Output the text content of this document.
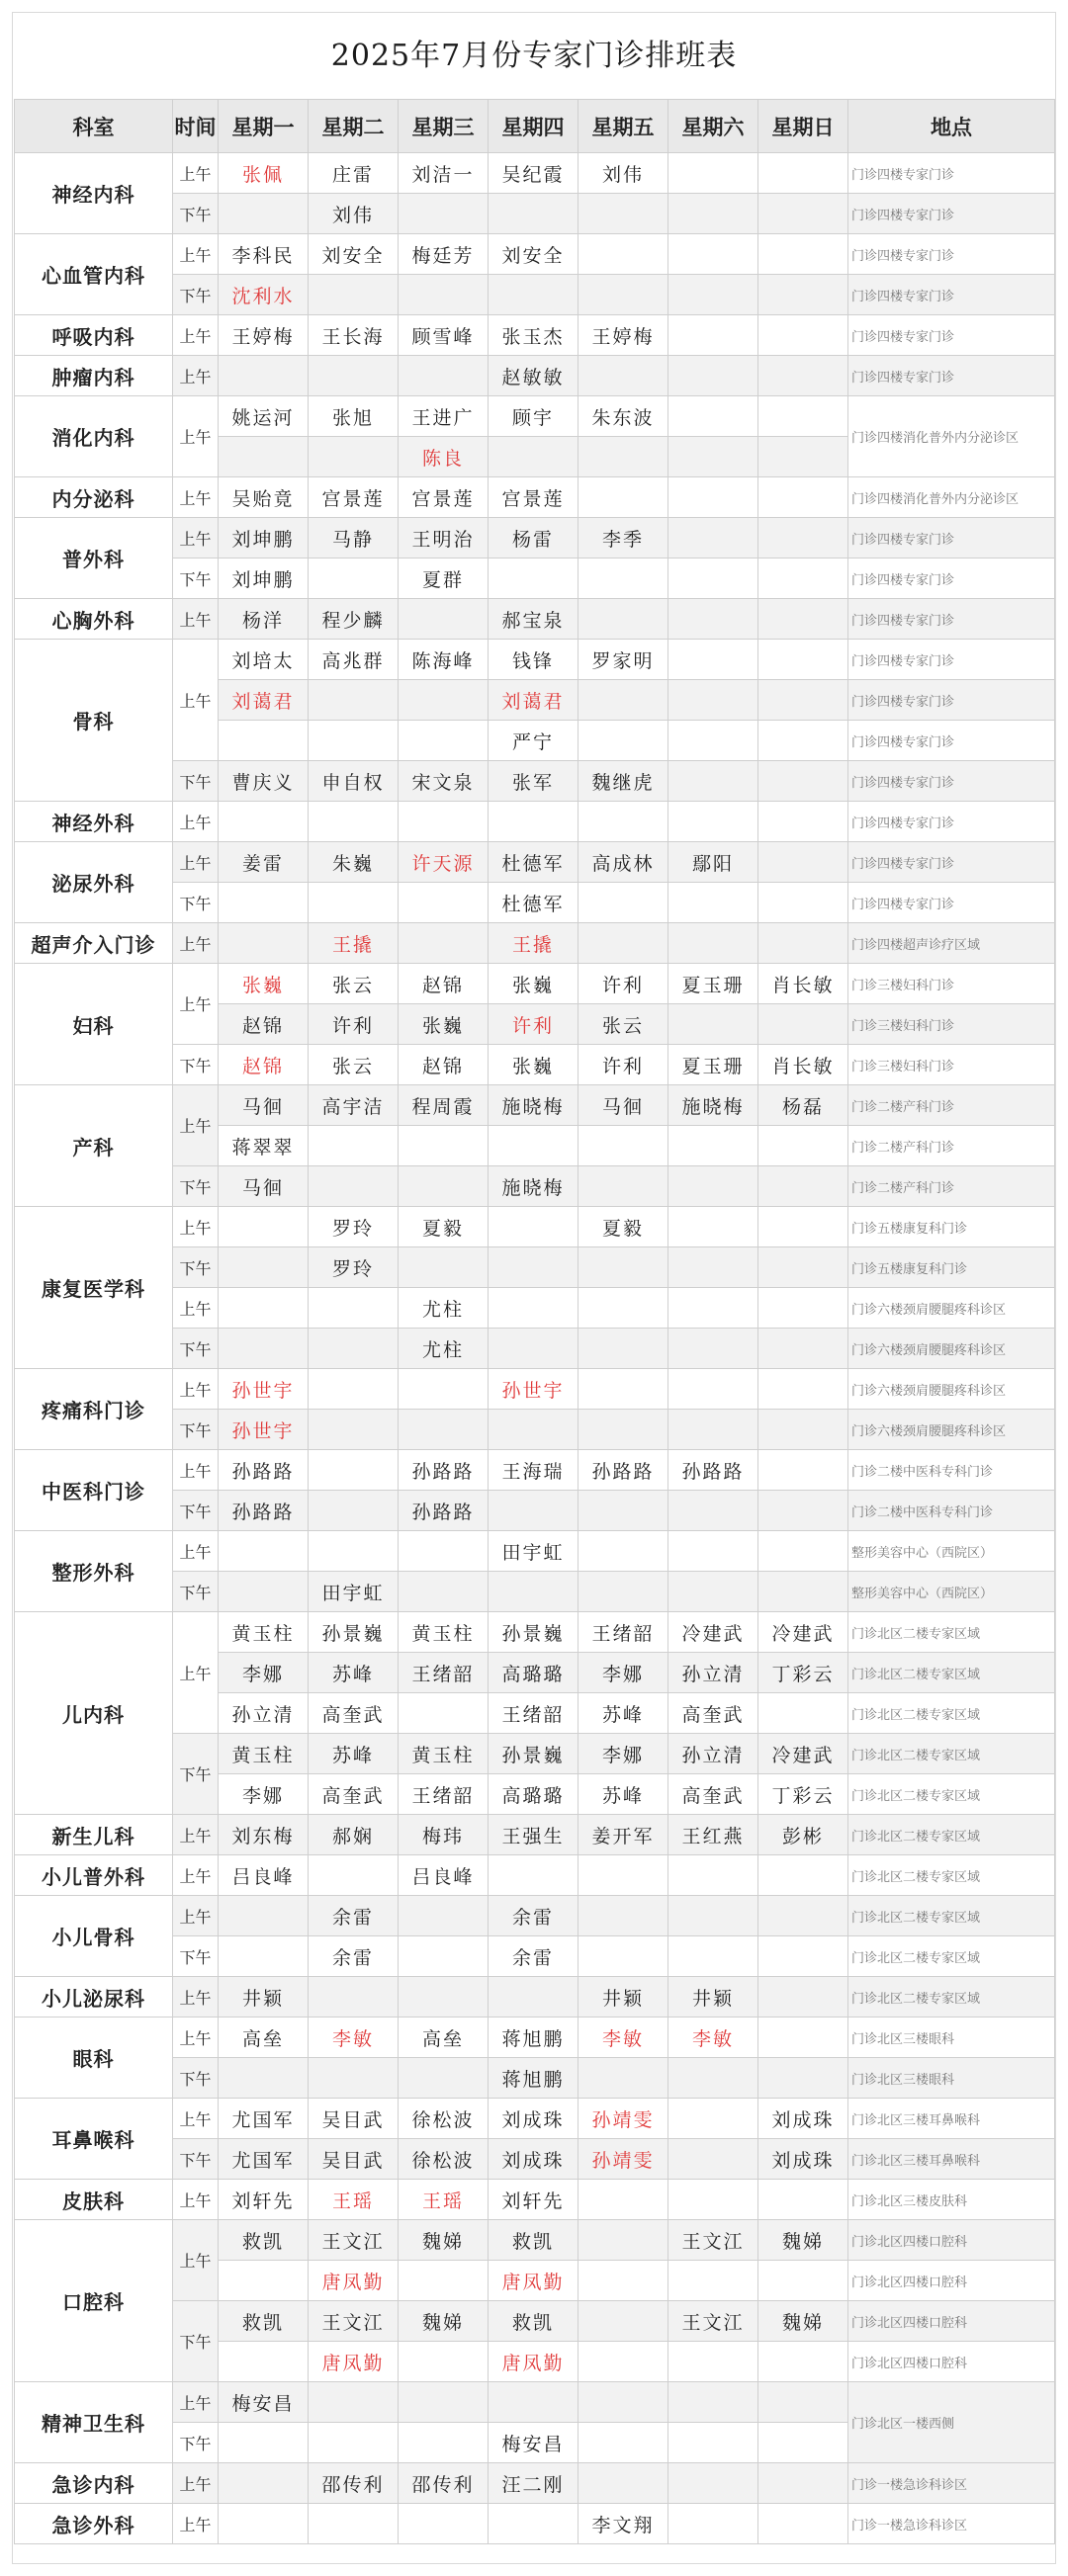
2025年7月份专家门诊排班表
科室	时间	星期一	星期二	星期三	星期四	星期五	星期六	星期日	地点
神经内科	上午	张佩	庄雷	刘洁一	吴纪霞	刘伟			门诊四楼专家门诊
	下午		刘伟						门诊四楼专家门诊
心血管内科	上午	李科民	刘安全	梅廷芳	刘安全				门诊四楼专家门诊
	下午	沈利水							门诊四楼专家门诊
呼吸内科	上午	王婷梅	王长海	顾雪峰	张玉杰	王婷梅			门诊四楼专家门诊
肿瘤内科	上午				赵敏敏				门诊四楼专家门诊
消化内科	上午	姚运河	张旭	王进广	顾宇	朱东波			门诊四楼消化普外内分泌诊区
				陈良					
内分泌科	上午	吴贻竟	宫景莲	宫景莲	宫景莲				门诊四楼消化普外内分泌诊区
普外科	上午	刘坤鹏	马静	王明治	杨雷	李季			门诊四楼专家门诊
	下午	刘坤鹏		夏群					门诊四楼专家门诊
心胸外科	上午	杨洋	程少麟		郝宝泉				门诊四楼专家门诊
骨科	上午	刘培太	高兆群	陈海峰	钱锋	罗家明			门诊四楼专家门诊
		刘蔼君			刘蔼君				门诊四楼专家门诊
					严宁				门诊四楼专家门诊
	下午	曹庆义	申自权	宋文泉	张军	魏继虎			门诊四楼专家门诊
神经外科	上午								门诊四楼专家门诊
泌尿外科	上午	姜雷	朱巍	许天源	杜德军	高成林	鄢阳		门诊四楼专家门诊
	下午				杜德军				门诊四楼专家门诊
超声介入门诊	上午		王撬		王撬				门诊四楼超声诊疗区域
妇科	上午	张巍	张云	赵锦	张巍	许利	夏玉珊	肖长敏	门诊三楼妇科门诊
		赵锦	许利	张巍	许利	张云			门诊三楼妇科门诊
	下午	赵锦	张云	赵锦	张巍	许利	夏玉珊	肖长敏	门诊三楼妇科门诊
产科	上午	马徊	高宇洁	程周霞	施晓梅	马徊	施晓梅	杨磊	门诊二楼产科门诊
		蒋翠翠							门诊二楼产科门诊
	下午	马徊			施晓梅				门诊二楼产科门诊
康复医学科	上午		罗玲	夏毅		夏毅			门诊五楼康复科门诊
	下午		罗玲						门诊五楼康复科门诊
	上午			尤柱					门诊六楼颈肩腰腿疼科诊区
	下午			尤柱					门诊六楼颈肩腰腿疼科诊区
疼痛科门诊	上午	孙世宇			孙世宇				门诊六楼颈肩腰腿疼科诊区
	下午	孙世宇							门诊六楼颈肩腰腿疼科诊区
中医科门诊	上午	孙路路		孙路路	王海瑞	孙路路	孙路路		门诊二楼中医科专科门诊
	下午	孙路路		孙路路					门诊二楼中医科专科门诊
整形外科	上午				田宇虹				整形美容中心（西院区）
	下午		田宇虹						整形美容中心（西院区）
儿内科	上午	黄玉柱	孙景巍	黄玉柱	孙景巍	王绪韶	冷建武	冷建武	门诊北区二楼专家区域
		李娜	苏峰	王绪韶	高璐璐	李娜	孙立清	丁彩云	门诊北区二楼专家区域
		孙立清	高奎武		王绪韶	苏峰	高奎武		门诊北区二楼专家区域
	下午	黄玉柱	苏峰	黄玉柱	孙景巍	李娜	孙立清	冷建武	门诊北区二楼专家区域
		李娜	高奎武	王绪韶	高璐璐	苏峰	高奎武	丁彩云	门诊北区二楼专家区域
新生儿科	上午	刘东梅	郝娴	梅玮	王强生	姜开军	王红燕	彭彬	门诊北区二楼专家区域
小儿普外科	上午	吕良峰		吕良峰					门诊北区二楼专家区域
小儿骨科	上午		余雷		余雷				门诊北区二楼专家区域
	下午		余雷		余雷				门诊北区二楼专家区域
小儿泌尿科	上午	井颖				井颖	井颖		门诊北区二楼专家区域
眼科	上午	高垒	李敏	高垒	蒋旭鹏	李敏	李敏		门诊北区三楼眼科
	下午				蒋旭鹏				门诊北区三楼眼科
耳鼻喉科	上午	尤国军	吴目武	徐松波	刘成珠	孙靖雯		刘成珠	门诊北区三楼耳鼻喉科
	下午	尤国军	吴目武	徐松波	刘成珠	孙靖雯		刘成珠	门诊北区三楼耳鼻喉科
皮肤科	上午	刘轩先	王瑶	王瑶	刘轩先				门诊北区三楼皮肤科
口腔科	上午	救凯	王文江	魏娣	救凯		王文江	魏娣	门诊北区四楼口腔科
			唐凤勤		唐凤勤				门诊北区四楼口腔科
	下午	救凯	王文江	魏娣	救凯		王文江	魏娣	门诊北区四楼口腔科
			唐凤勤		唐凤勤				门诊北区四楼口腔科
精神卫生科	上午	梅安昌							门诊北区一楼西侧
	下午				梅安昌				
急诊内科	上午		邵传利	邵传利	汪二刚				门诊一楼急诊科诊区
急诊外科	上午					李文翔			门诊一楼急诊科诊区
